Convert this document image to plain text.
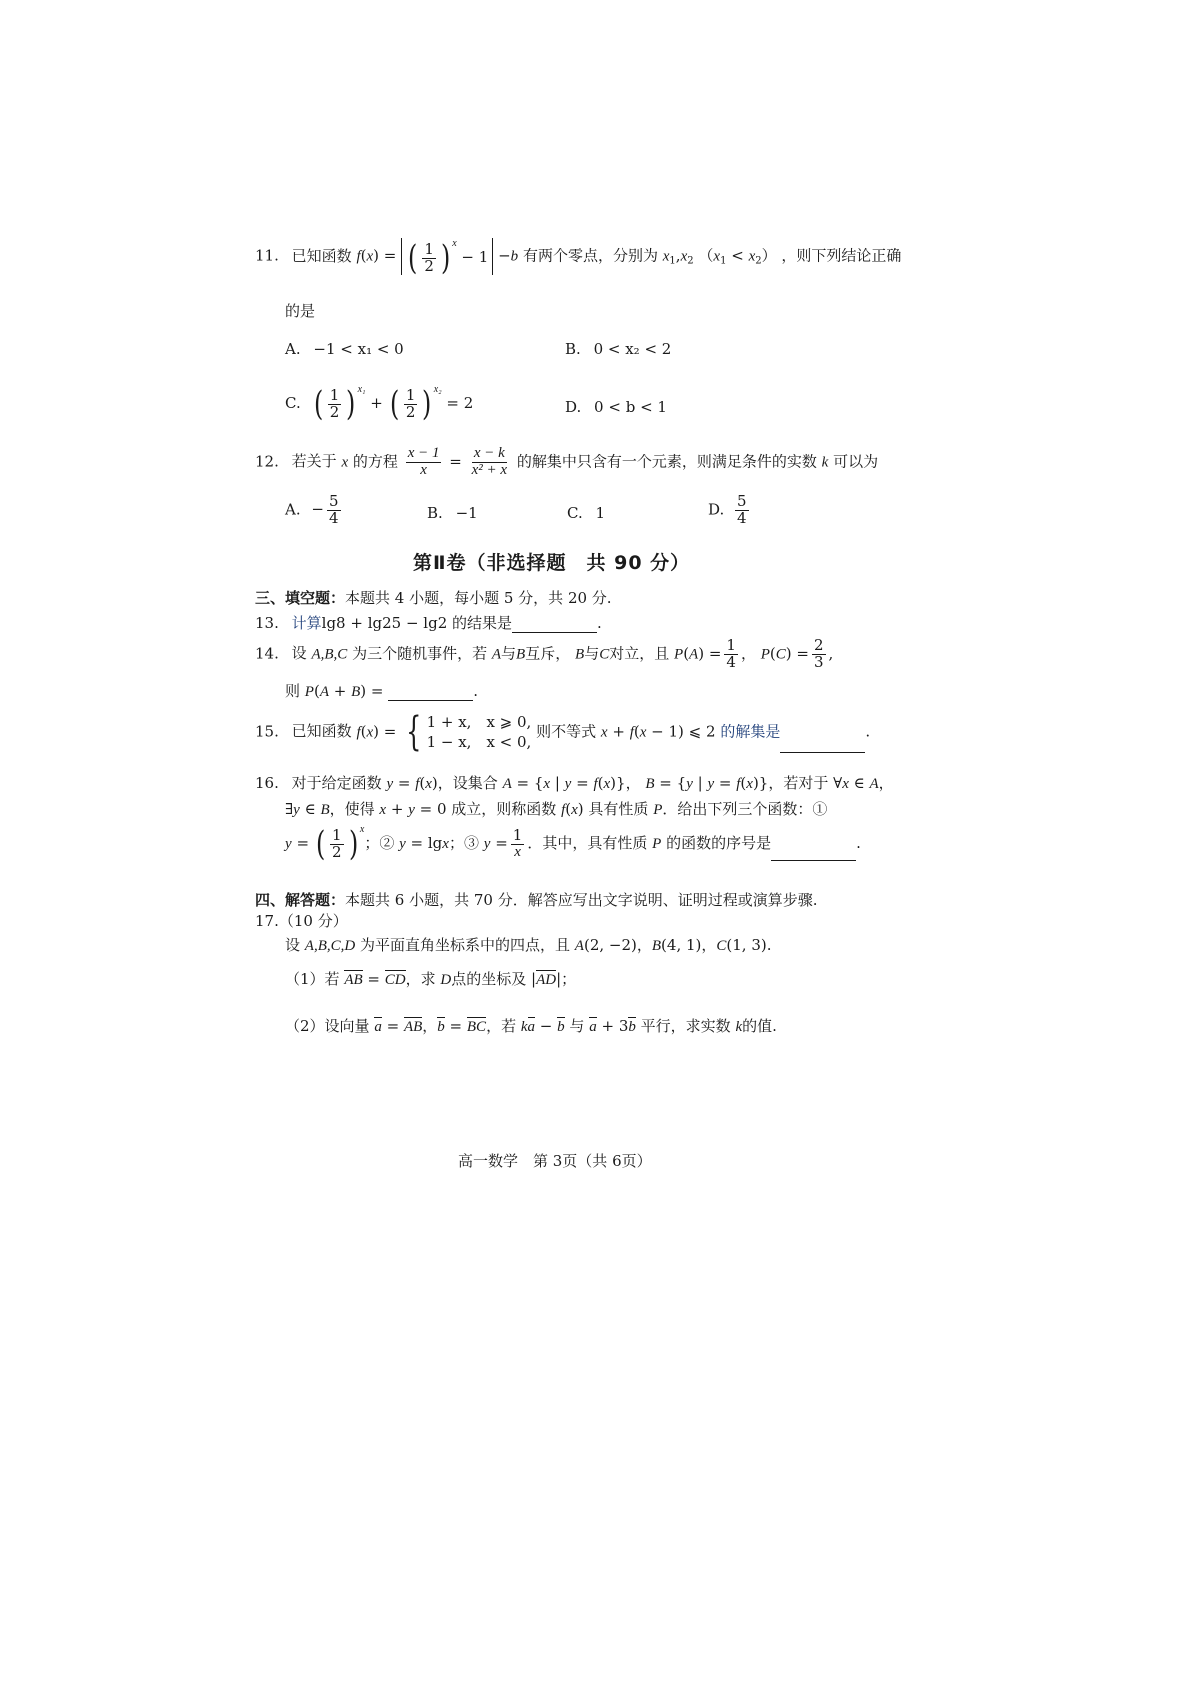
11. 已知函数 f(x) = ( $\frac{1}{2}$ ) $^x$ − 1 −b 有两个零点，分别为 $x_1,x_2$ $(x_1 < x_2)$ ，则下列结论正确
的是
A. −1 < x₁ < 0	B. 0 < x₂ < 2
C. ( $\frac{1}{2}$ ) $^{x_1}$ + ( $\frac{1}{2}$ ) $^{x_2}$ = 2	D. 0 < b < 1
12. 若关于 x 的方程 $\frac{x - 1}{x} = \frac{x - k}{\text{x² + x}}$ 的解集中只含有一个元素，则满足条件的实数 k 可以为
A. − $\frac{5}{4}$	B. −1	C. 1	D. $\frac{5}{4}$
第Ⅱ卷（非选择题　共 90 分）
三、填空题：本题共 4 小题，每小题 5 分，共 20 分.
13. 计算lg8 + lg25 − lg2 的结果是	.
14. 设 A,B,C 为三个随机事件，若 A与B互斥， B与C对立，且 $P(A) = \frac{1}{4}$ ， $P(C) = \frac{2}{3}$ ,
则 P(A + B) =	.
15. 已知函数 f(x) = { 1 + x,　x ⩾ 0,
1 − x,　x < 0,
则不等式 x + f(x − 1) ⩽ 2 的解集是	.
16. 对于给定函数 y = f(x)，设集合 A = {x | y = f(x)}， B = {y | y = f(x)}，若对于 ∀x ∈ A，
∃y ∈ B，使得 x + y = 0 成立，则称函数 f(x) 具有性质 P．给出下列三个函数：①
y = ( $\frac{1}{2}$ ) $^x$；② y = lgx；③ $y = \frac{1}{x}$ ．其中，具有性质 P 的函数的序号是	.
四、解答题：本题共 6 小题，共 70 分．解答应写出文字说明、证明过程或演算步骤.
17.（10 分）
设 A,B,C,D 为平面直角坐标系中的四点，且 A(2, −2)，B(4, 1)，C(1, 3).
（1）若 AB = CD，求 D点的坐标及 |AD|；
（2）设向量 a = AB，b = BC，若 ka − b 与 a + 3b 平行，求实数 k的值.
高一数学　第 3页（共 6页）
